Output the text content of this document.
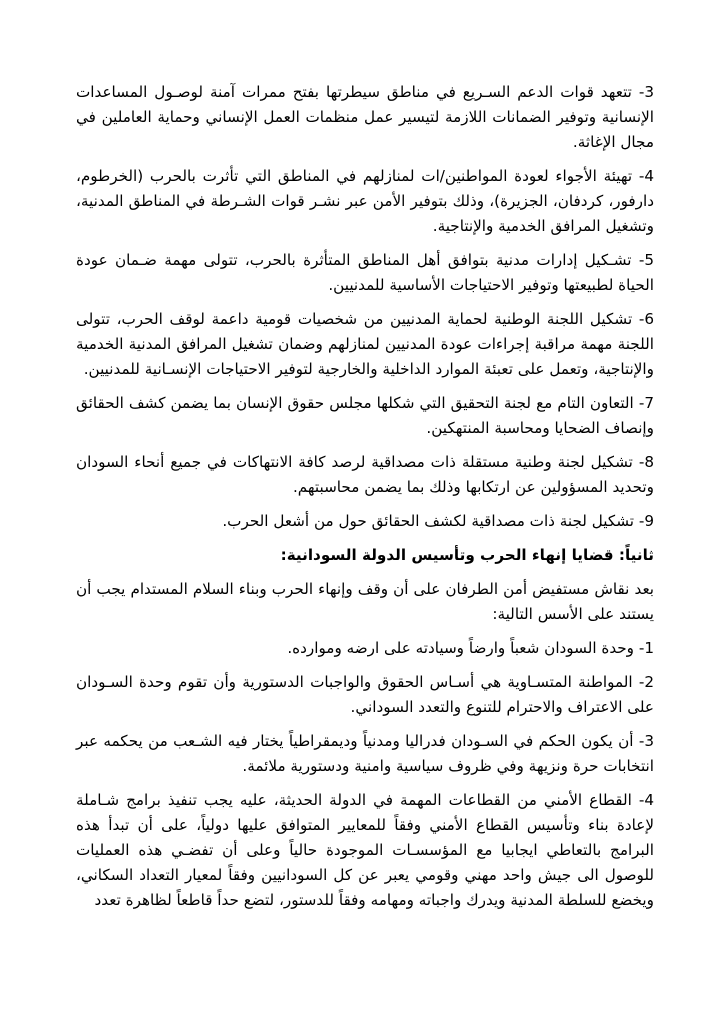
3- تتعهد قوات الدعم السـريع في مناطق سيطرتها بفتح ممرات آمنة لوصـول المساعدات الإنسانية وتوفير الضمانات اللازمة لتيسير عمل منظمات العمل الإنساني وحماية العاملين في مجال الإغاثة.

4- تهيئة الأجواء لعودة المواطنين/ات لمنازلهم في المناطق التي تأثرت بالحرب (الخرطوم، دارفور، كردفان، الجزيرة)، وذلك بتوفير الأمن عبر نشـر قوات الشـرطة في المناطق المدنية، وتشغيل المرافق الخدمية والإنتاجية.

5- تشـكيل إدارات مدنية بتوافق أهل المناطق المتأثرة بالحرب، تتولى مهمة ضـمان عودة الحياة لطبيعتها وتوفير الاحتياجات الأساسية للمدنيين.

6- تشكيل اللجنة الوطنية لحماية المدنيين من شخصيات قومية داعمة لوقف الحرب، تتولى اللجنة مهمة مراقبة إجراءات عودة المدنيين لمنازلهم وضمان تشغيل المرافق المدنية الخدمية والإنتاجية، وتعمل على تعبئة الموارد الداخلية والخارجية لتوفير الاحتياجات الإنسـانية للمدنيين.

7- التعاون التام مع لجنة التحقيق التي شكلها مجلس حقوق الإنسان بما يضمن كشف الحقائق وإنصاف الضحايا ومحاسبة المنتهكين.

8- تشكيل لجنة وطنية مستقلة ذات مصداقية لرصد كافة الانتهاكات في جميع أنحاء السودان وتحديد المسؤولين عن ارتكابها وذلك بما يضمن محاسبتهم.

9- تشكيل لجنة ذات مصداقية لكشف الحقائق حول من أشعل الحرب.

ثانياً: قضايا إنهاء الحرب وتأسيس الدولة السودانية:

بعد نقاش مستفيض أمن الطرفان على أن وقف وإنهاء الحرب وبناء السلام المستدام يجب أن يستند على الأسس التالية:

1- وحدة السودان شعباً وارضاً وسيادته على ارضه وموارده.

2- المواطنة المتسـاوية هي أسـاس الحقوق والواجبات الدستورية وأن تقوم وحدة السـودان على الاعتراف والاحترام للتنوع والتعدد السوداني.

3- أن يكون الحكم في السـودان فدراليا ومدنياً وديمقراطياً يختار فيه الشـعب من يحكمه عبر انتخابات حرة ونزيهة وفي ظروف سياسية وامنية ودستورية ملائمة.

4- القطاع الأمني من القطاعات المهمة في الدولة الحديثة، عليه يجب تنفيذ برامج شـاملة لإعادة بناء وتأسيس القطاع الأمني وفقاً للمعايير المتوافق عليها دولياً، على أن تبدأ هذه البرامج بالتعاطي ايجابيا مع المؤسسـات الموجودة حالياً وعلى أن تفضـي هذه العمليات للوصول الى جيش واحد مهني وقومي يعبر عن كل السودانيين وفقاً لمعيار التعداد السكاني، ويخضع للسلطة المدنية ويدرك واجباته ومهامه وفقاً للدستور، لتضع حداً قاطعاً لظاهرة تعدد
